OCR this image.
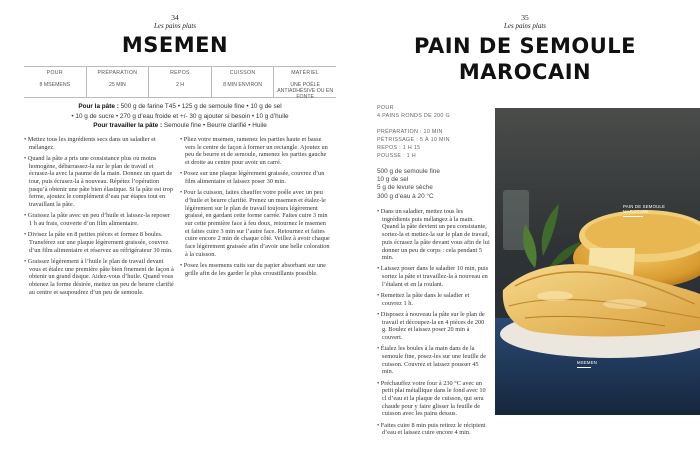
34
Les pains plats
MSEMEN
POUR
8 MSEMENS
PRÉPARATION
25 MIN
REPOS
2 H
CUISSON
8 MIN ENVIRON
MATÉRIEL
UNE POÊLE ANTIADHÉSIVE OU EN FONTE
Pour la pâte : 500 g de farine T45 • 125 g de semoule fine • 10 g de sel
• 10 g de sucre • 270 g d’eau froide et +/- 30 g ajouter si besoin • 10 g d’huile
Pour travailler la pâte : Semoule fine • Beurre clarifié • Huile

• Mettez tous les ingrédients secs dans un saladier et mélangez.

• Quand la pâte a pris une consistance plus ou moins homogène, débarrassez-la sur le plan de travail et écrasez-la avec la paume de la main. Donnez un quart de tour, puis écrasez-la à nouveau. Répétez l’opération jusqu’à obtenir une pâte bien élastique. Si la pâte est trop ferme, ajoutez le complément d’eau par étapes tout en travaillant la pâte.

• Graissez la pâte avec un peu d’huile et laissez-la reposer 1 h au frais, couverte d’un film alimentaire.

• Divisez la pâte en 8 petites pièces et formez 8 boules. Transférez sur une plaque légèrement graissée, couvrez d’un film alimentaire et réservez au réfrigérateur 30 min.

• Graissez légèrement à l’huile le plan de travail devant vous et étalez une première pâte bien finement de façon à obtenir un grand disque. Aidez-vous d’huile. Quand vous obtenez la forme désirée, mettez un peu de beurre clarifié au centre et saupoudrez d’un peu de semoule.

• Pliez votre msemen, ramenez les parties haute et basse vers le centre de façon à former un rectangle. Ajoutez un peu de beurre et de semoule, ramenez les parties gauche et droite au centre pour avoir un carré.

• Posez sur une plaque légèrement graissée, couvrez d’un film alimentaire et laissez poser 30 min.

• Pour la cuisson, faites chauffer votre poêle avec un peu d’huile et beurre clarifié. Prenez un msemen et étalez-le légèrement sur le plan de travail toujours légèrement graissé, en gardant cette forme carrée. Faites cuire 3 min sur cette première face à feu doux, retournez le msemen et faites cuire 3 min sur l’autre face. Retournez et faites cuire encore 2 min de chaque côté. Veillez à avoir chaque face légèrement graissée afin d’avoir une belle coloration à la cuisson.

• Posez les msemens cuits sur du papier absorbant sur une grille afin de les garder le plus croustillants possible.

35
Les pains plats
PAIN DE SEMOULE
MAROCAIN
POUR
4 PAINS RONDS DE 200 G
PRÉPARATION : 10 MIN
PÉTRISSAGE : 5 À 10 MIN
REPOS : 1 H 15
POUSSE : 1 H
500 g de semoule fine
10 g de sel
5 g de levure sèche
300 g d’eau à 20 °C

• Dans un saladier, mettez tous les ingrédients puis mélangez à la main. Quand la pâte devient un peu consistante, sortez-la et mettez-la sur le plan de travail, puis écrasez la pâte devant vous afin de lui donner un peu de corps : cela pendant 5 min.

• Laissez poser dans le saladier 10 min, puis sortez la pâte et travaillez-la à nouveau en l’étalant et en la roulant.

• Remettez la pâte dans le saladier et couvrez 1 h.

• Disposez à nouveau la pâte sur le plan de travail et découpez-la en 4 pièces de 200 g. Boulez et laissez poser 20 min à couvert.

• Étalez les boules à la main dans de la semoule fine, posez-les sur une feuille de cuisson. Couvrez et laissez pousser 45 min.

• Préchauffez votre four à 230 °C avec un petit plat métallique dans le fond avec 10 cl d’eau et la plaque de cuisson, qui sera chaude pour y faire glisser la feuille de cuisson avec les pains dessus.

• Faites cuire 8 min puis retirez le récipient d’eau et laissez cuire encore 4 min.

PAIN DE SEMOULE
MAROCAIN
MSEMEN
